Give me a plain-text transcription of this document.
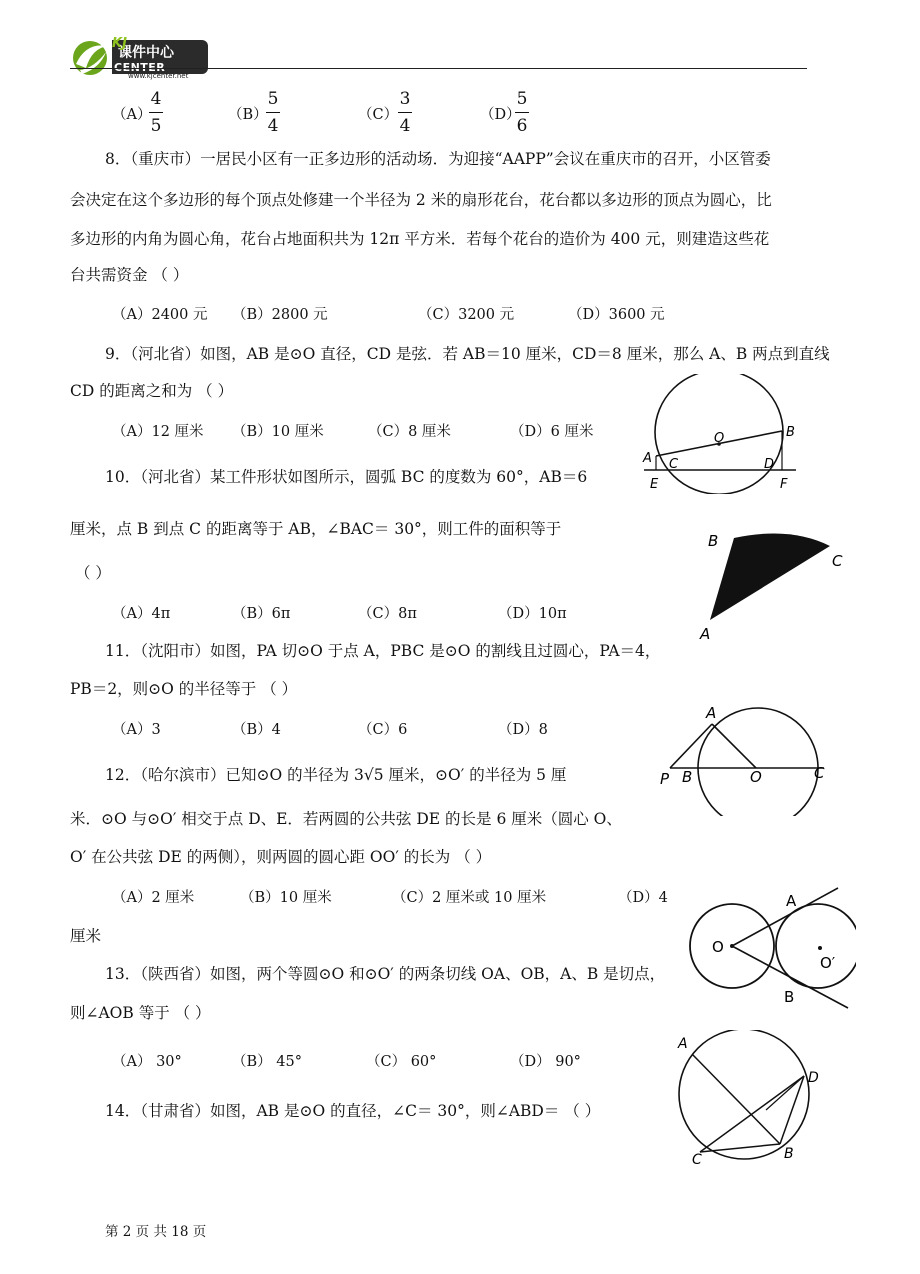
课件中心
KJ
CENTER
www.kjcenter.net
（A）
4
5
（B）
5
4
（C）
3
4
（D）
5
6
8．（重庆市）一居民小区有一正多边形的活动场．为迎接“AAPP”会议在重庆市的召开，小区管委
会决定在这个多边形的每个顶点处修建一个半径为 2 米的扇形花台，花台都以多边形的顶点为圆心，比
多边形的内角为圆心角，花台占地面积共为 12π 平方米．若每个花台的造价为 400 元，则建造这些花
台共需资金 （ ）
（A）2400 元 （B）2800 元	（C）3200 元	（D）3600 元
9．（河北省）如图，AB 是⊙O 直径，CD 是弦．若 AB＝10 厘米，CD＝8 厘米，那么 A、B 两点到直线
CD 的距离之和为 （ ）
（A）12 厘米 （B）10 厘米	（C）8 厘米	（D）6 厘米	O
A
B
C	D
E	F
10．（河北省）某工件形状如图所示，圆弧 BC 的度数为 60°，AB＝6
厘米，点 B 到点 C 的距离等于 AB，∠BAC＝ 30°，则工件的面积等于
（ ）
（A）4π	（B）6π	（C）8π	（D）10π
B
C
A
11．（沈阳市）如图，PA 切⊙O 于点 A，PBC 是⊙O 的割线且过圆心，PA＝4，
PB＝2，则⊙O 的半径等于 （ ）
（A）3	（B）4	（C）6	（D）8
A
P B	O	C
12．（哈尔滨市）已知⊙O 的半径为 3√5 厘米，⊙O′ 的半径为 5 厘
米．⊙O 与⊙O′ 相交于点 D、E．若两圆的公共弦 DE 的长是 6 厘米（圆心 O、
O′ 在公共弦 DE 的两侧），则两圆的圆心距 OO′ 的长为 （ ）
（A）2 厘米	（B）10 厘米	（C）2 厘米或 10 厘米	（D）4
厘米
A
O
O′
B
13．（陕西省）如图，两个等圆⊙O 和⊙O′ 的两条切线 OA、OB，A、B 是切点，
则∠AOB 等于 （ ）
（A） 30°	（B） 45°	（C） 60°	（D） 90°
14．（甘肃省）如图，AB 是⊙O 的直径，∠C＝ 30°，则∠ABD＝ （ ）
A
D
C	B
第 2 页 共 18 页
